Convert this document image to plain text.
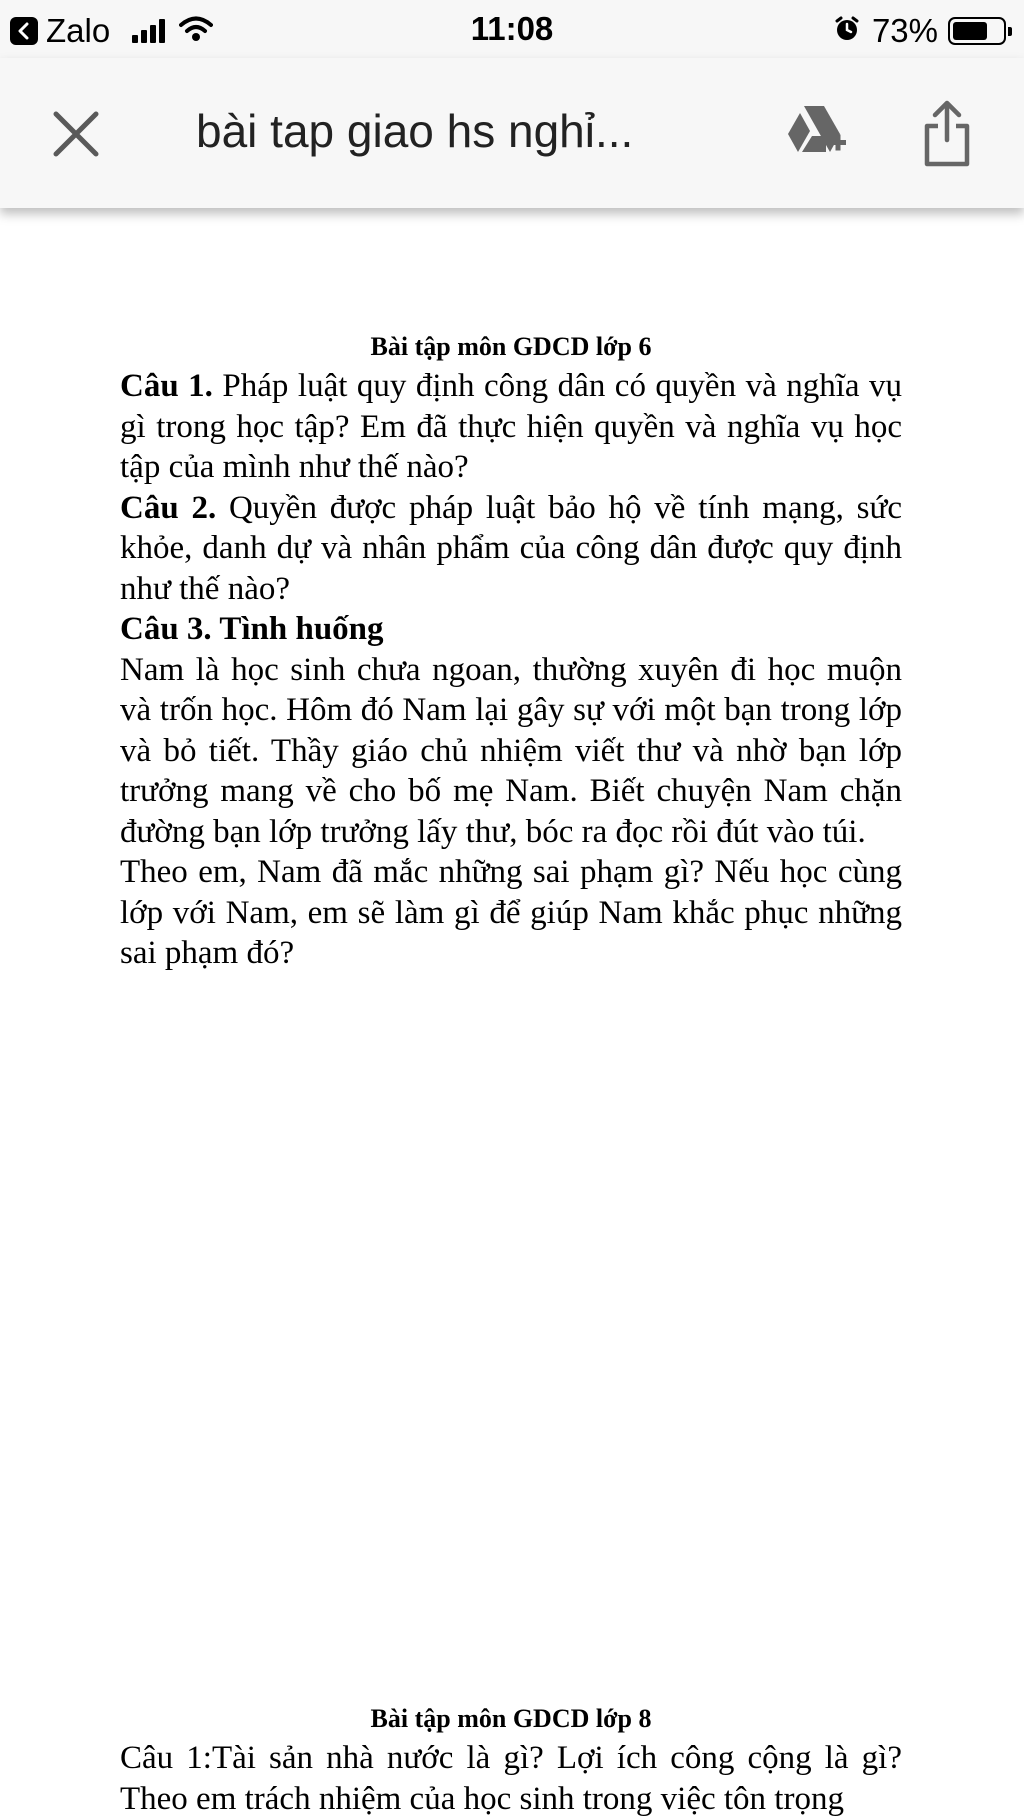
Zalo	11:08	73%
bài tap giao hs nghỉ...
Bài tập môn GDCD lớp 6

Câu 1. Pháp luật quy định công dân có quyền và nghĩa vụ gì trong học tập? Em đã thực hiện quyền và nghĩa vụ học tập của mình như thế nào?

Câu 2. Quyền được pháp luật bảo hộ về tính mạng, sức khỏe, danh dự và nhân phẩm của công dân được quy định như thế nào?

Câu 3. Tình huống

Nam là học sinh chưa ngoan, thường xuyên đi học muộn và trốn học. Hôm đó Nam lại gây sự với một bạn trong lớp và bỏ tiết. Thầy giáo chủ nhiệm viết thư và nhờ bạn lớp trưởng mang về cho bố mẹ Nam. Biết chuyện Nam chặn đường bạn lớp trưởng lấy thư, bóc ra đọc rồi đút vào túi.

Theo em, Nam đã mắc những sai phạm gì? Nếu học cùng lớp với Nam, em sẽ làm gì để giúp Nam khắc phục những sai phạm đó?

Bài tập môn GDCD lớp 8

Câu 1:Tài sản nhà nước là gì? Lợi ích công cộng là gì? Theo em trách nhiệm của học sinh trong việc tôn trọng
